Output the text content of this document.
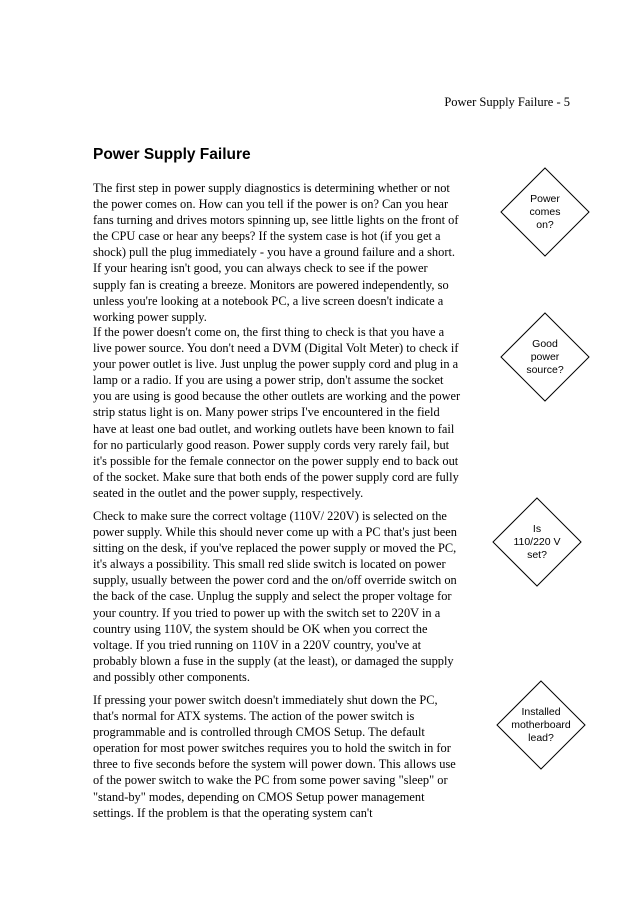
Power Supply Failure - 5
Power Supply Failure

The first step in power supply diagnostics is determining whether or not the power comes on. How can you tell if the power is on? Can you hear fans turning and drives motors spinning up, see little lights on the front of the CPU case or hear any beeps? If the system case is hot (if you get a shock) pull the plug immediately - you have a ground failure and a short. If your hearing isn't good, you can always check to see if the power supply fan is creating a breeze. Monitors are powered independently, so unless you're looking at a notebook PC, a live screen doesn't indicate a working power supply.

If the power doesn't come on, the first thing to check is that you have a live power source. You don't need a DVM (Digital Volt Meter) to check if your power outlet is live. Just unplug the power supply cord and plug in a lamp or a radio. If you are using a power strip, don't assume the socket you are using is good because the other outlets are working and the power strip status light is on. Many power strips I've encountered in the field have at least one bad outlet, and working outlets have been known to fail for no particularly good reason. Power supply cords very rarely fail, but it's possible for the female connector on the power supply end to back out of the socket. Make sure that both ends of the power supply cord are fully seated in the outlet and the power supply, respectively.

Check to make sure the correct voltage (110V/ 220V) is selected on the power supply. While this should never come up with a PC that's just been sitting on the desk, if you've replaced the power supply or moved the PC, it's always a possibility. This small red slide switch is located on power supply, usually between the power cord and the on/off override switch on the back of the case. Unplug the supply and select the proper voltage for your country. If you tried to power up with the switch set to 220V in a country using 110V, the system should be OK when you correct the voltage. If you tried running on 110V in a 220V country, you've at probably blown a fuse in the supply (at the least), or damaged the supply and possibly other components.

If pressing your power switch doesn't immediately shut down the PC, that's normal for ATX systems. The action of the power switch is programmable and is controlled through CMOS Setup. The default operation for most power switches requires you to hold the switch in for three to five seconds before the system will power down. This allows use of the power switch to wake the PC from some power saving "sleep" or "stand-by" modes, depending on CMOS Setup power management settings. If the problem is that the operating system can't

Power
comes
on?
Good
power
source?
Is
110/220 V
set?
Installed
motherboard
lead?
